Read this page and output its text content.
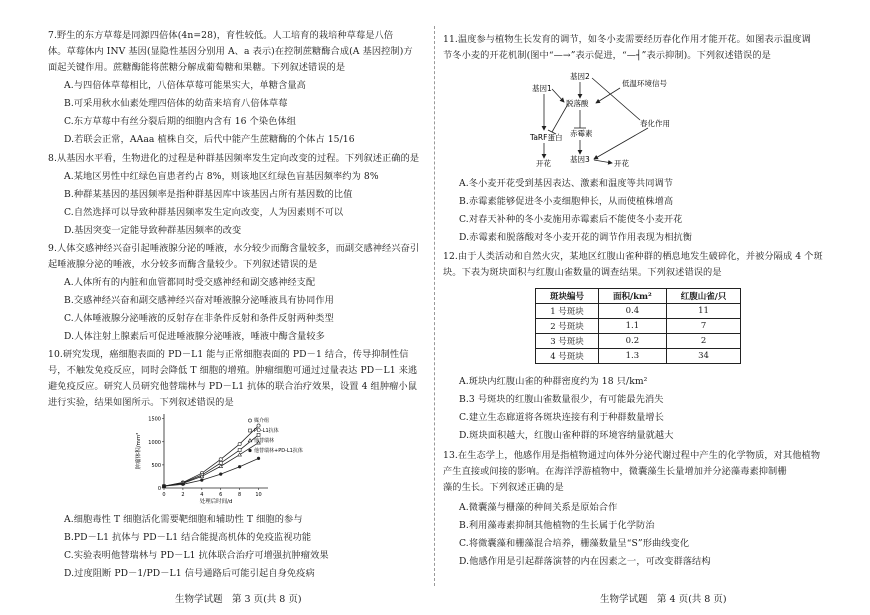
7.野生的东方草莓是同源四倍体(4n=28)，育性较低。人工培育的栽培种草莓是八倍
体。草莓体内 INV 基因(显隐性基因分别用 A、a 表示)在控制蔗糖酶合成(A 基因控制)方
面起关键作用。蔗糖酶能将蔗糖分解成葡萄糖和果糖。下列叙述错误的是
A.与四倍体草莓相比，八倍体草莓可能果实大，单糖含量高
B.可采用秋水仙素处理四倍体的幼苗来培育八倍体草莓
C.东方草莓中有丝分裂后期的细胞内含有 16 个染色体组
D.若联会正常，AAaa 植株自交，后代中能产生蔗糖酶的个体占 15/16
8.从基因水平看，生物进化的过程是种群基因频率发生定向改变的过程。下列叙述正确的是
A.某地区男性中红绿色盲患者约占 8%，则该地区红绿色盲基因频率约为 8%
B.种群某基因的基因频率是指种群基因库中该基因占所有基因数的比值
C.自然选择可以导致种群基因频率发生定向改变，人为因素则不可以
D.基因突变一定能导致种群基因频率的改变
9.人体交感神经兴奋引起唾液腺分泌的唾液，水分较少而酶含量较多，而副交感神经兴奋引
起唾液腺分泌的唾液，水分较多而酶含量较少。下列叙述错误的是
A.人体所有的内脏和血管都同时受交感神经和副交感神经支配
B.交感神经兴奋和副交感神经兴奋对唾液腺分泌唾液具有协同作用
C.人体唾液腺分泌唾液的反射存在非条件反射和条件反射两种类型
D.人体注射上腺素后可促进唾液腺分泌唾液，唾液中酶含量较多
10.研究发现，癌细胞表面的 PD－L1 能与正常细胞表面的 PD－1 结合，传导抑制性信
号，不触发免疫反应，同时会降低 T 细胞的增殖。肿瘤细胞可通过过量表达 PD－L1 来逃
避免疫反应。研究人员研究他替瑞林与 PD－L1 抗体的联合治疗效果，设置 4 组肿瘤小鼠
进行实验，结果如图所示。下列叙述错误的是
0
500
1000
1500
0	2	4	6	8	10
处理后时间/d
肿瘤体积/mm³
媒介组
PD-L1抗体
他替瑞林
他替瑞林+PD-L1抗体
A.细胞毒性 T 细胞活化需要靶细胞和辅助性 T 细胞的参与
B.PD－L1 抗体与 PD－L1 结合能提高机体的免疫监视功能
C.实验表明他替瑞林与 PD－L1 抗体联合治疗可增强抗肿瘤效果
D.过度阻断 PD－1/PD－L1 信号通路后可能引起自身免疫病
生物学试题　第 3 页(共 8 页)
11.温度参与植物生长发育的调节，如冬小麦需要经历春化作用才能开花。如图表示温度调
节冬小麦的开花机制(图中“—→”表示促进，“—┤”表示抑制)。下列叙述错误的是
基因2
基因1
脱落酸
赤霉素
TaRF蛋白
基因3
开花	开花
低温环境信号
春化作用
A.冬小麦开花受到基因表达、激素和温度等共同调节
B.赤霉素能够促进冬小麦细胞伸长，从而使植株增高
C.对春天补种的冬小麦施用赤霉素后不能使冬小麦开花
D.赤霉素和脱落酸对冬小麦开花的调节作用表现为相抗衡
12.由于人类活动和自然火灾，某地区红腹山雀种群的栖息地发生破碎化，并被分隔成 4 个斑
块。下表为斑块面积与红腹山雀数量的调查结果。下列叙述错误的是
A.斑块内红腹山雀的种群密度约为 18 只/km²
B.3 号斑块的红腹山雀数量很少，有可能最先消失
C.建立生态廊道将各斑块连接有利于种群数量增长
D.斑块面积越大，红腹山雀种群的环境容纳量就越大
13.在生态学上，他感作用是指植物通过向体外分泌代谢过程中产生的化学物质，对其他植物
产生直接或间接的影响。在海洋浮游植物中，微囊藻生长量增加并分泌藻毒素抑制栅
藻的生长。下列叙述正确的是
A.微囊藻与栅藻的种间关系是原始合作
B.利用藻毒素抑制其他植物的生长属于化学防治
C.将微囊藻和栅藻混合培养，栅藻数量呈“S”形曲线变化
D.他感作用是引起群落演替的内在因素之一，可改变群落结构
生物学试题　第 4 页(共 8 页)
斑块编号	面积/km²	红腹山雀/只
1 号斑块	0.4	11
2 号斑块	1.1	7
3 号斑块	0.2	2
4 号斑块	1.3	34
